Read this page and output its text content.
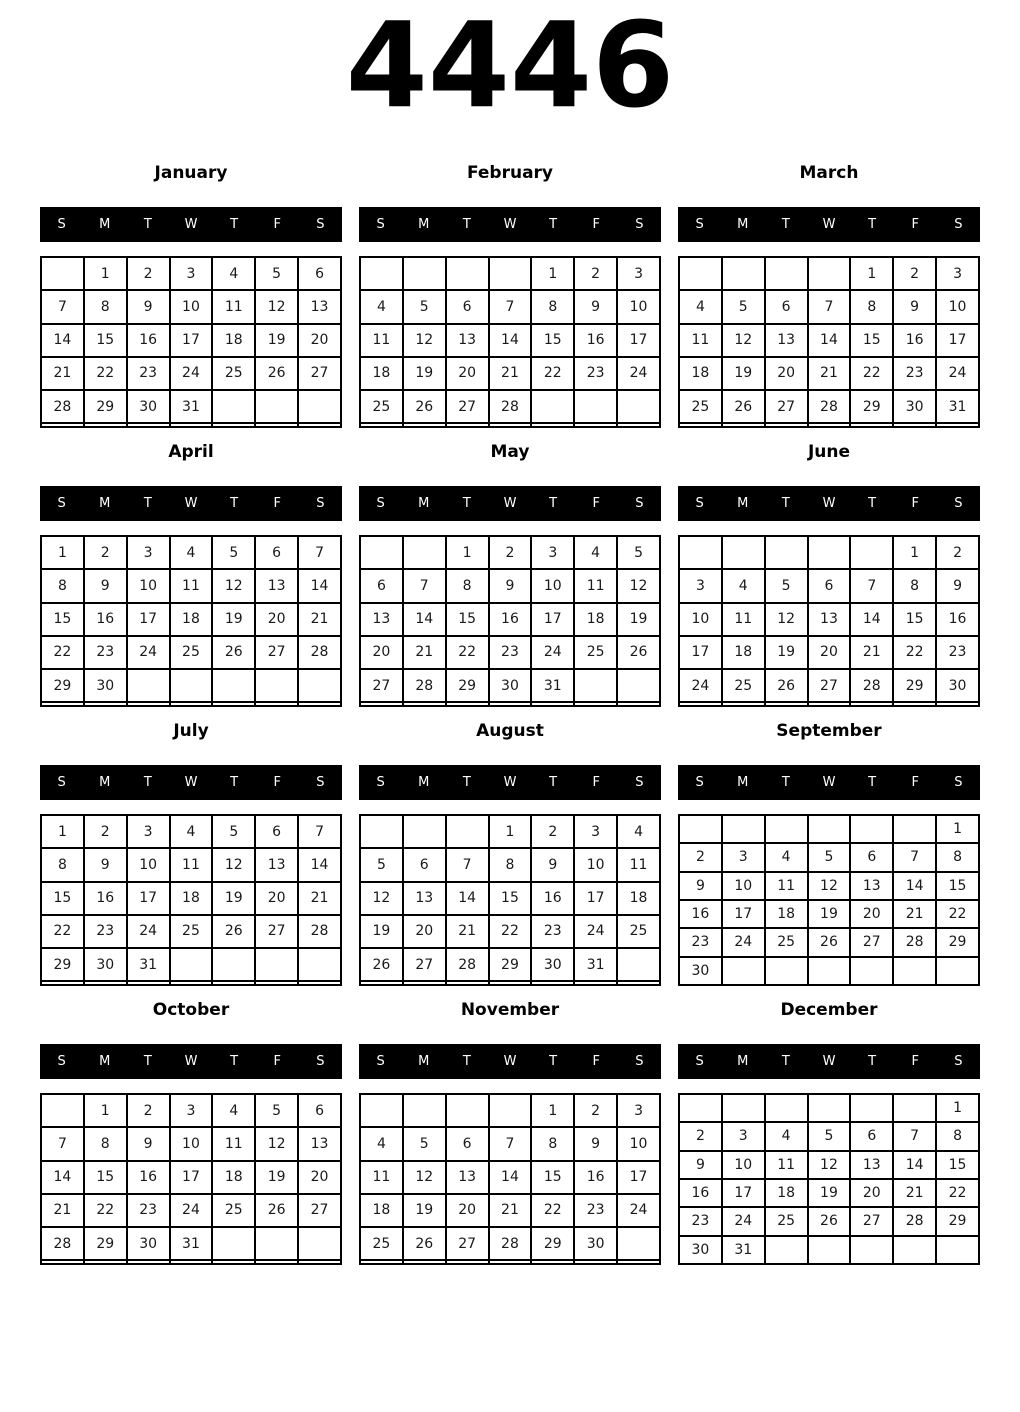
4446
January
S	M	T	W	T	F	S
	1	2	3	4	5	6
7	8	9	10	11	12	13
14	15	16	17	18	19	20
21	22	23	24	25	26	27
28	29	30	31			

February
S	M	T	W	T	F	S
				1	2	3
4	5	6	7	8	9	10
11	12	13	14	15	16	17
18	19	20	21	22	23	24
25	26	27	28			

March
S	M	T	W	T	F	S
				1	2	3
4	5	6	7	8	9	10
11	12	13	14	15	16	17
18	19	20	21	22	23	24
25	26	27	28	29	30	31

April
S	M	T	W	T	F	S
1	2	3	4	5	6	7
8	9	10	11	12	13	14
15	16	17	18	19	20	21
22	23	24	25	26	27	28
29	30					

May
S	M	T	W	T	F	S
		1	2	3	4	5
6	7	8	9	10	11	12
13	14	15	16	17	18	19
20	21	22	23	24	25	26
27	28	29	30	31		

June
S	M	T	W	T	F	S
					1	2
3	4	5	6	7	8	9
10	11	12	13	14	15	16
17	18	19	20	21	22	23
24	25	26	27	28	29	30

July
S	M	T	W	T	F	S
1	2	3	4	5	6	7
8	9	10	11	12	13	14
15	16	17	18	19	20	21
22	23	24	25	26	27	28
29	30	31				

August
S	M	T	W	T	F	S
			1	2	3	4
5	6	7	8	9	10	11
12	13	14	15	16	17	18
19	20	21	22	23	24	25
26	27	28	29	30	31	

September
S	M	T	W	T	F	S
						1
2	3	4	5	6	7	8
9	10	11	12	13	14	15
16	17	18	19	20	21	22
23	24	25	26	27	28	29
30						
October
S	M	T	W	T	F	S
	1	2	3	4	5	6
7	8	9	10	11	12	13
14	15	16	17	18	19	20
21	22	23	24	25	26	27
28	29	30	31			

November
S	M	T	W	T	F	S
				1	2	3
4	5	6	7	8	9	10
11	12	13	14	15	16	17
18	19	20	21	22	23	24
25	26	27	28	29	30	

December
S	M	T	W	T	F	S
						1
2	3	4	5	6	7	8
9	10	11	12	13	14	15
16	17	18	19	20	21	22
23	24	25	26	27	28	29
30	31					
